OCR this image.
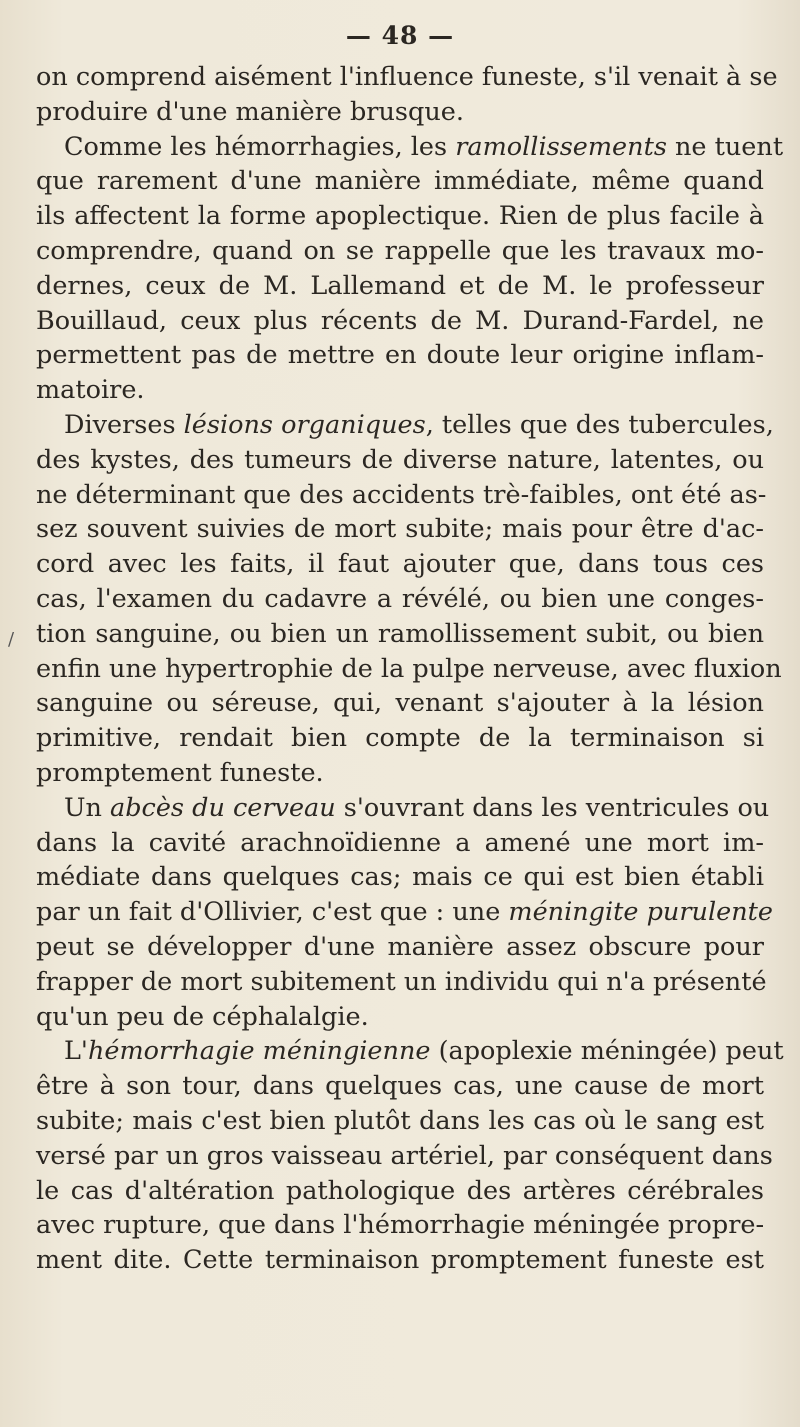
— 48 —
/
on comprend aisément l'influence funeste, s'il venait à se
produire d'une manière brusque.
Comme les hémorrhagies, les ramollissements ne tuent
que rarement d'une manière immédiate, même quand
ils affectent la forme apoplectique. Rien de plus facile à
comprendre, quand on se rappelle que les travaux mo-
dernes, ceux de M. Lallemand et de M. le professeur
Bouillaud, ceux plus récents de M. Durand-Fardel, ne
permettent pas de mettre en doute leur origine inflam-
matoire.
Diverses lésions organiques, telles que des tubercules,
des kystes, des tumeurs de diverse nature, latentes, ou
ne déterminant que des accidents trè-faibles, ont été as-
sez souvent suivies de mort subite; mais pour être d'ac-
cord avec les faits, il faut ajouter que, dans tous ces
cas, l'examen du cadavre a révélé, ou bien une conges-
tion sanguine, ou bien un ramollissement subit, ou bien
enfin une hypertrophie de la pulpe nerveuse, avec fluxion
sanguine ou séreuse, qui, venant s'ajouter à la lésion
primitive, rendait bien compte de la terminaison si
promptement funeste.
Un abcès du cerveau s'ouvrant dans les ventricules ou
dans la cavité arachnoïdienne a amené une mort im-
médiate dans quelques cas; mais ce qui est bien établi
par un fait d'Ollivier, c'est que : une méningite purulente
peut se développer d'une manière assez obscure pour
frapper de mort subitement un individu qui n'a présenté
qu'un peu de céphalalgie.
L'hémorrhagie méningienne (apoplexie méningée) peut
être à son tour, dans quelques cas, une cause de mort
subite; mais c'est bien plutôt dans les cas où le sang est
versé par un gros vaisseau artériel, par conséquent dans
le cas d'altération pathologique des artères cérébrales
avec rupture, que dans l'hémorrhagie méningée propre-
ment dite. Cette terminaison promptement funeste est
